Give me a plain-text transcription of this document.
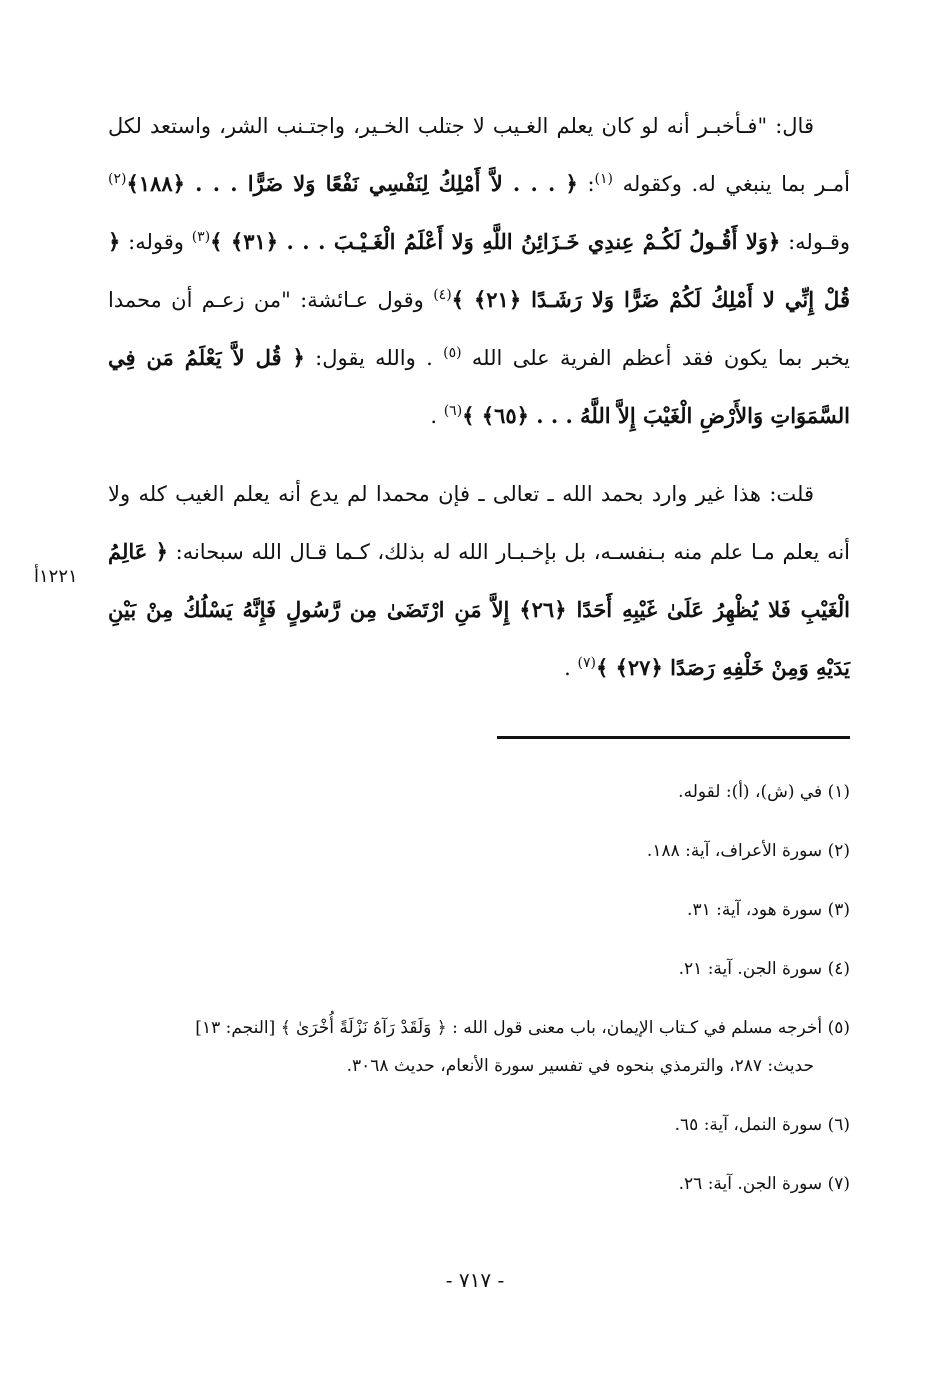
قال: "فـأخبـر أنه لو كان يعلم الغـيب لا جتلب الخـير، واجتـنب الشر، واستعد لكل أمـر بما ينبغي له. وكقوله $^{(١)}$: ﴿ . . . لاَّ أَمْلِكُ لِنَفْسِي نَفْعًا وَلا ضَرًّا . . . ﴿١٨٨﴾$^{(٢)}$ وقـوله: ﴿وَلا أَقُـولُ لَكُـمْ عِندِي خَـزَائِنُ اللَّهِ وَلا أَعْلَمُ الْغَـيْـبَ . . . ﴿٣١﴾ ﴾$^{(٣)}$ وقوله: ﴿ قُلْ إِنِّي لا أَمْلِكُ لَكُمْ ضَرًّا وَلا رَشَـدًا ﴿٢١﴾ ﴾$^{(٤)}$ وقول عـائشة: "من زعـم أن محمدا يخبر بما يكون فقد أعظم الفرية على الله $^{(٥)}$ . والله يقول: ﴿ قُل لاَّ يَعْلَمُ مَن فِي السَّمَوَاتِ وَالأَرْضِ الْغَيْبَ إِلاَّ اللَّهُ . . . ﴿٦٥﴾ ﴾$^{(٦)}$ .

قلت: هذا غير وارد بحمد الله ـ تعالى ـ فإن محمدا لم يدع أنه يعلم الغيب كله ولا أنه يعلم مـا علم منه بـنفسـه، بل بإخـبـار الله له بذلك، كـما قـال الله سبحانه: ﴿ عَالِمُ الْغَيْبِ فَلا يُظْهِرُ عَلَىٰ غَيْبِهِ أَحَدًا ﴿٢٦﴾ إِلاَّ مَنِ ارْتَضَىٰ مِن رَّسُولٍ فَإِنَّهُ يَسْلُكُ مِنْ بَيْنِ يَدَيْهِ وَمِنْ خَلْفِهِ رَصَدًا ﴿٢٧﴾ ﴾$^{(٧)}$ .

١٢٢١أ
(١) في (ش)، (أ): لقوله.
(٢) سورة الأعراف، آية: ١٨٨.
(٣) سورة هود، آية: ٣١.
(٤) سورة الجن. آية: ٢١.
(٥) أخرجه مسلم في كـتاب الإيمان، باب معنى قول الله : ﴿ وَلَقَدْ رَآهُ نَزْلَةً أُخْرَىٰ ﴾ [النجم: ١٣]
حديث: ٢٨٧، والترمذي بنحوه في تفسير سورة الأنعام، حديث ٣٠٦٨.
(٦) سورة النمل، آية: ٦٥.
(٧) سورة الجن. آية: ٢٦.
- ٧١٧ -
